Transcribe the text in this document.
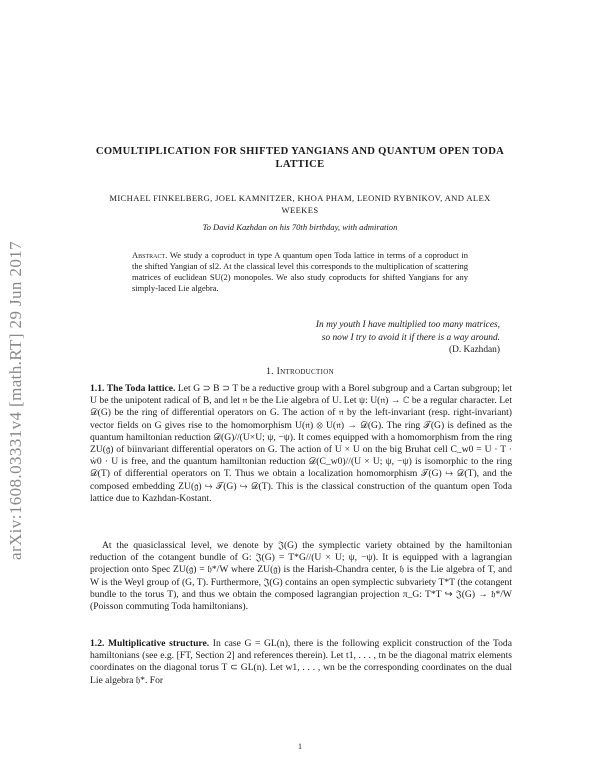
arXiv:1608.03331v4 [math.RT] 29 Jun 2017
COMULTIPLICATION FOR SHIFTED YANGIANS AND QUANTUM OPEN TODA LATTICE
MICHAEL FINKELBERG, JOEL KAMNITZER, KHOA PHAM, LEONID RYBNIKOV, AND ALEX WEEKES
To David Kazhdan on his 70th birthday, with admiration
Abstract. We study a coproduct in type A quantum open Toda lattice in terms of a coproduct in the shifted Yangian of sl2. At the classical level this corresponds to the multiplication of scattering matrices of euclidean SU(2) monopoles. We also study coproducts for shifted Yangians for any simply-laced Lie algebra.
In my youth I have multiplied too many matrices,
so now I try to avoid it if there is a way around.
(D. Kazhdan)
1. Introduction
1.1. The Toda lattice. Let G ⊃ B ⊃ T be a reductive group with a Borel subgroup and a Cartan subgroup; let U be the unipotent radical of B, and let 𝔫 be the Lie algebra of U. Let ψ: U(𝔫) → ℂ be a regular character. Let 𝒟(G) be the ring of differential operators on G. The action of 𝔫 by the left-invariant (resp. right-invariant) vector fields on G gives rise to the homomorphism U(𝔫) ⊗ U(𝔫) → 𝒟(G). The ring 𝒯(G) is defined as the quantum hamiltonian reduction 𝒟(G)//(U×U; ψ, −ψ). It comes equipped with a homomorphism from the ring ZU(𝔤) of biinvariant differential operators on G. The action of U × U on the big Bruhat cell C_w0 = U · T · ẇ0 · U is free, and the quantum hamiltonian reduction 𝒟(C_w0)//(U × U; ψ, −ψ) is isomorphic to the ring 𝒟(T) of differential operators on T. Thus we obtain a localization homomorphism 𝒯(G) ↪ 𝒟(T), and the composed embedding ZU(𝔤) ↪ 𝒯(G) ↪ 𝒟(T). This is the classical construction of the quantum open Toda lattice due to Kazhdan-Kostant.
At the quasiclassical level, we denote by 𝔍(G) the symplectic variety obtained by the hamiltonian reduction of the cotangent bundle of G: 𝔍(G) = T*G//(U × U; ψ, −ψ). It is equipped with a lagrangian projection onto Spec ZU(𝔤) = 𝔥*/W where ZU(𝔤) is the Harish-Chandra center, 𝔥 is the Lie algebra of T, and W is the Weyl group of (G, T). Furthermore, 𝔍(G) contains an open symplectic subvariety T*T (the cotangent bundle to the torus T), and thus we obtain the composed lagrangian projection π_G: T*T ↪ 𝔍(G) → 𝔥*/W (Poisson commuting Toda hamiltonians).
1.2. Multiplicative structure. In case G = GL(n), there is the following explicit construction of the Toda hamiltonians (see e.g. [FT, Section 2] and references therein). Let t1, . . . , tn be the diagonal matrix elements coordinates on the diagonal torus T ⊂ GL(n). Let w1, . . . , wn be the corresponding coordinates on the dual Lie algebra 𝔥*. For
1
